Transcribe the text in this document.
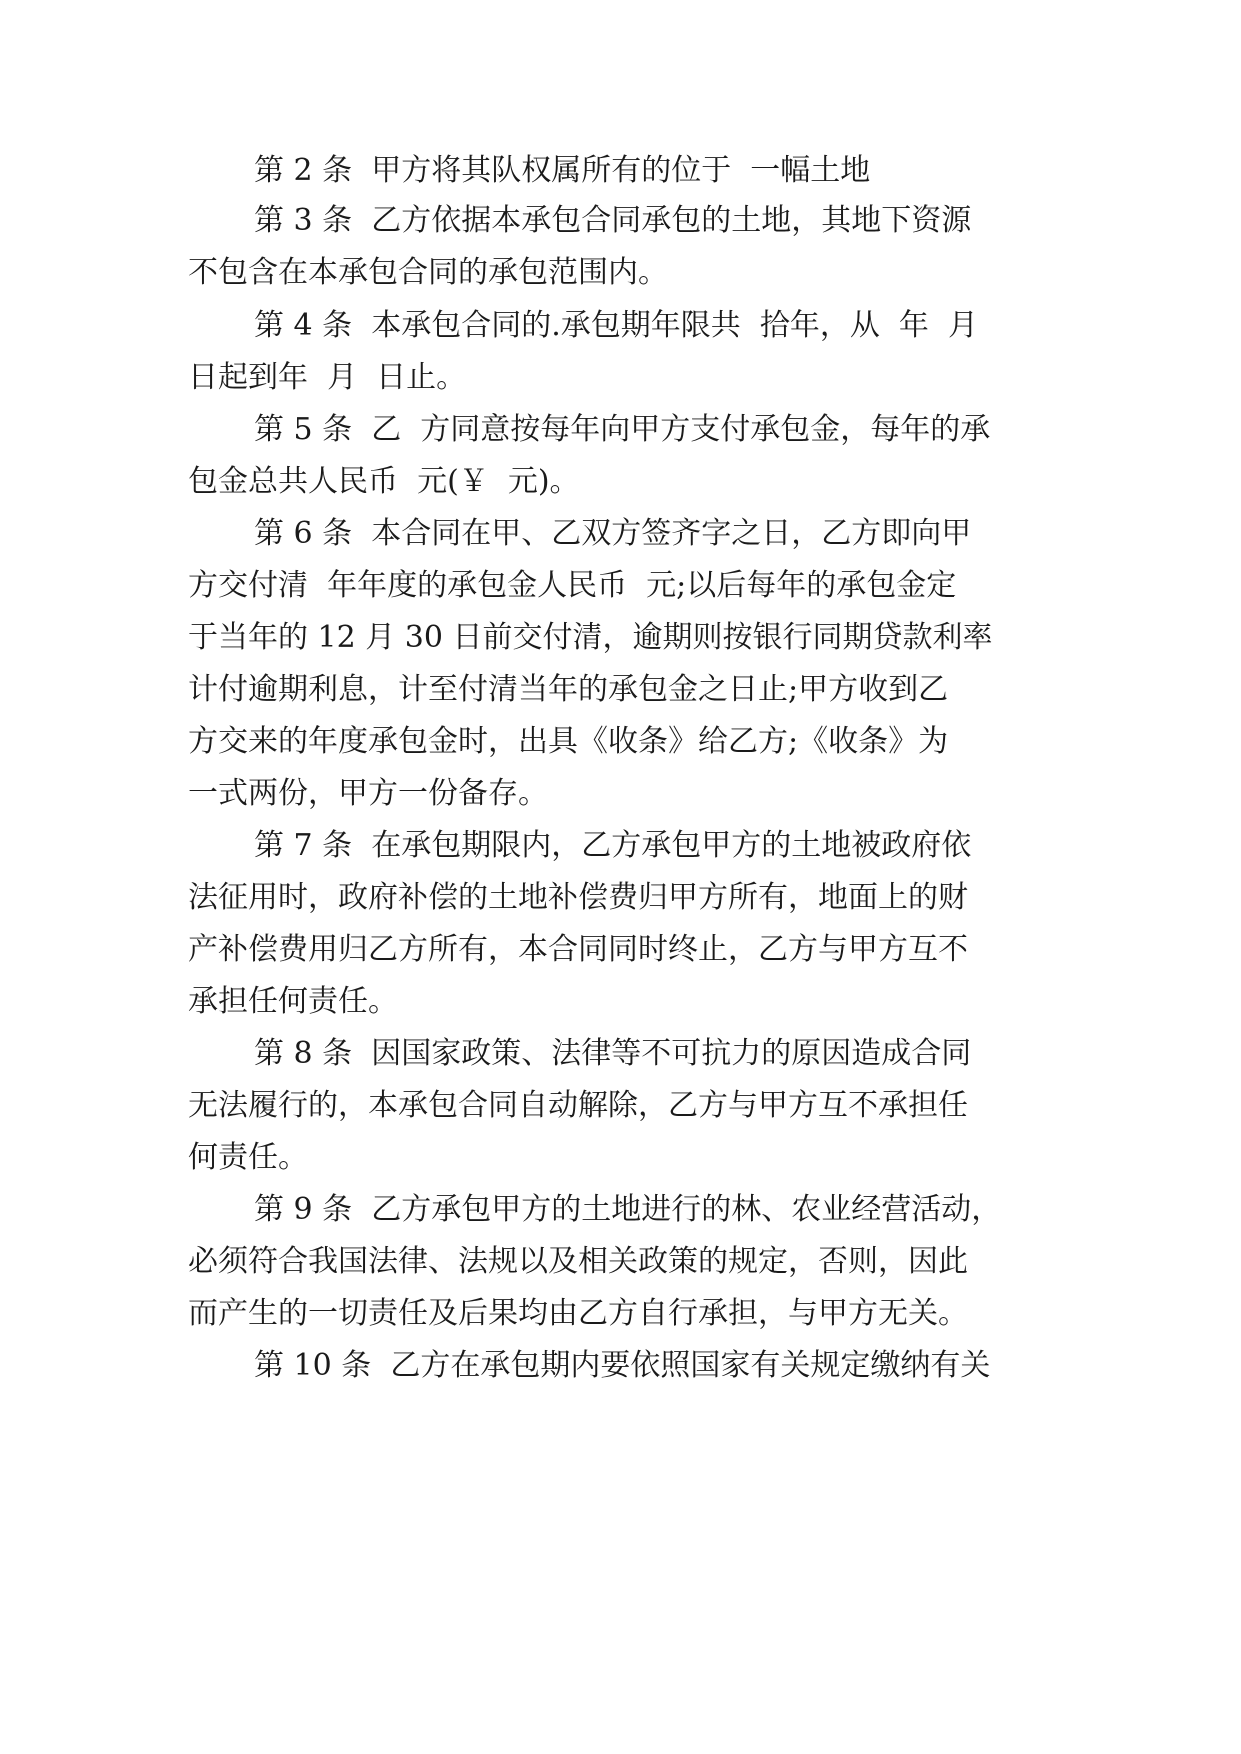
第 2 条  甲方将其队权属所有的位于  一幅土地
第 3 条  乙方依据本承包合同承包的土地，其地下资源
不包含在本承包合同的承包范围内。
第 4 条  本承包合同的.承包期年限共  拾年，从  年  月
日起到年  月  日止。
第 5 条  乙  方同意按每年向甲方支付承包金，每年的承
包金总共人民币  元(￥  元)。
第 6 条  本合同在甲、乙双方签齐字之日，乙方即向甲
方交付清  年年度的承包金人民币  元;以后每年的承包金定
于当年的 12 月 30 日前交付清，逾期则按银行同期贷款利率
计付逾期利息，计至付清当年的承包金之日止;甲方收到乙
方交来的年度承包金时，出具《收条》给乙方;《收条》为
一式两份，甲方一份备存。
第 7 条  在承包期限内，乙方承包甲方的土地被政府依
法征用时，政府补偿的土地补偿费归甲方所有，地面上的财
产补偿费用归乙方所有，本合同同时终止，乙方与甲方互不
承担任何责任。
第 8 条  因国家政策、法律等不可抗力的原因造成合同
无法履行的，本承包合同自动解除，乙方与甲方互不承担任
何责任。
第 9 条  乙方承包甲方的土地进行的林、农业经营活动，
必须符合我国法律、法规以及相关政策的规定，否则，因此
而产生的一切责任及后果均由乙方自行承担，与甲方无关。
第 10 条  乙方在承包期内要依照国家有关规定缴纳有关
